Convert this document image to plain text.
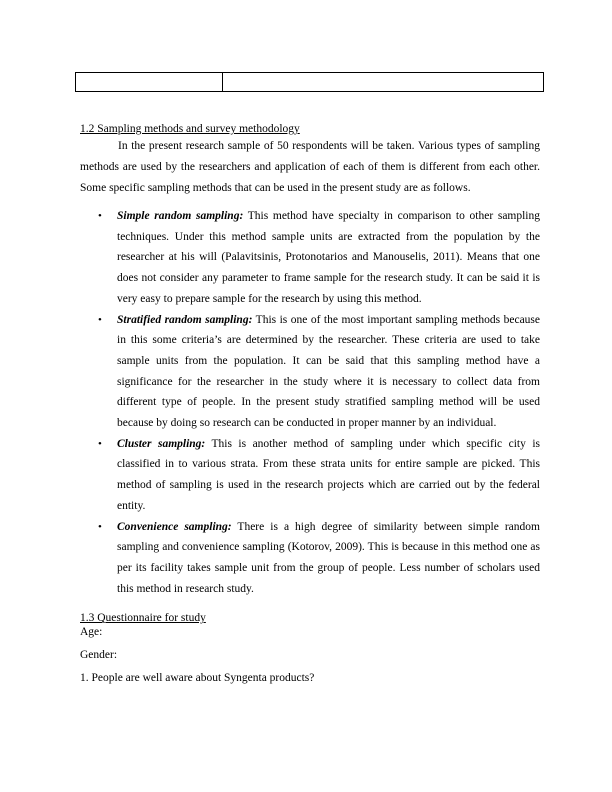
1.2 Sampling methods and survey methodology

In the present research sample of 50 respondents will be taken. Various types of sampling methods are used by the researchers and application of each of them is different from each other. Some specific sampling methods that can be used in the present study are as follows.

• Simple random sampling: This method have specialty in comparison to other sampling techniques. Under this method sample units are extracted from the population by the researcher at his will (Palavitsinis, Protonotarios and Manouselis, 2011). Means that one does not consider any parameter to frame sample for the research study. It can be said it is very easy to prepare sample for the research by using this method.
• Stratified random sampling: This is one of the most important sampling methods because in this some criteria’s are determined by the researcher. These criteria are used to take sample units from the population. It can be said that this sampling method have a significance for the researcher in the study where it is necessary to collect data from different type of people. In the present study stratified sampling method will be used because by doing so research can be conducted in proper manner by an individual.
• Cluster sampling: This is another method of sampling under which specific city is classified in to various strata. From these strata units for entire sample are picked. This method of sampling is used in the research projects which are carried out by the federal entity.
• Convenience sampling: There is a high degree of similarity between simple random sampling and convenience sampling (Kotorov, 2009). This is because in this method one as per its facility takes sample unit from the group of people. Less number of scholars used this method in research study.

1.3 Questionnaire for study

Age:

Gender:

1. People are well aware about Syngenta products?
